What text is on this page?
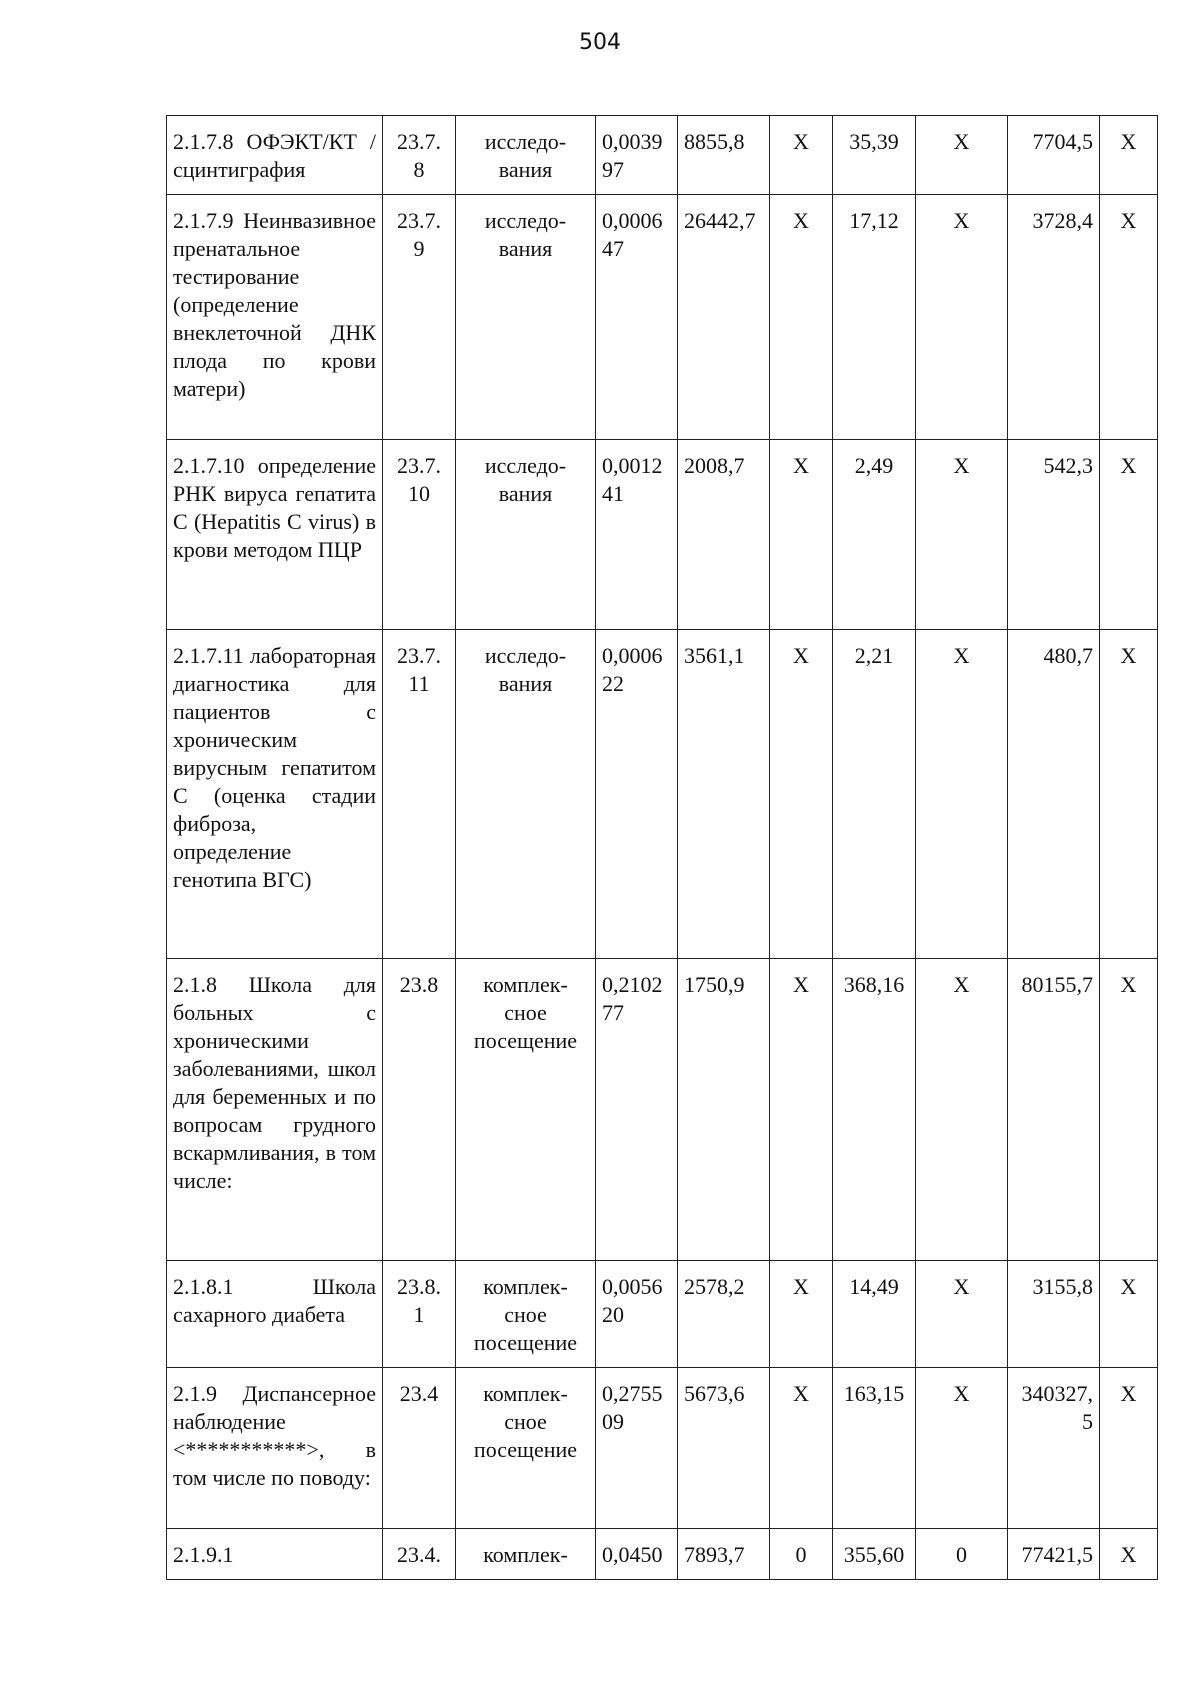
504
2.1.7.8 ОФЭКТ/КТ /сцинтиграфия	23.7. 8	исследо-вания	0,0039 97	8855,8	Х	35,39	Х	7704,5	Х
2.1.7.9 Неинвазивное пренатальное тестирование (определение внеклеточной ДНК плода по крови матери)	23.7. 9	исследо-вания	0,0006 47	26442,7	Х	17,12	Х	3728,4	Х
2.1.7.10 определение РНК вируса гепатита C (Hepatitis C virus) в крови методом ПЦР	23.7. 10	исследо-вания	0,0012 41	2008,7	Х	2,49	Х	542,3	Х
2.1.7.11 лабораторная диагностика для пациентов с хроническим вирусным гепатитом С (оценка стадии фиброза, определение генотипа ВГС)	23.7. 11	исследо-вания	0,0006 22	3561,1	Х	2,21	Х	480,7	Х
2.1.8 Школа для больных с хроническими заболеваниями, школ для беременных и по вопросам грудного вскармливания, в том числе:	23.8	комплек-сное посещение	0,2102 77	1750,9	Х	368,16	Х	80155,7	Х
2.1.8.1 Школа сахарного диабета	23.8. 1	комплек-сное посещение	0,0056 20	2578,2	Х	14,49	Х	3155,8	Х
2.1.9 Диспансерное наблюдение <***********>, в том числе по поводу:	23.4	комплек-сное посещение	0,2755 09	5673,6	Х	163,15	Х	340327, 5	Х
2.1.9.1	23.4.	комплек-	0,0450	7893,7	0	355,60	0	77421,5	Х
